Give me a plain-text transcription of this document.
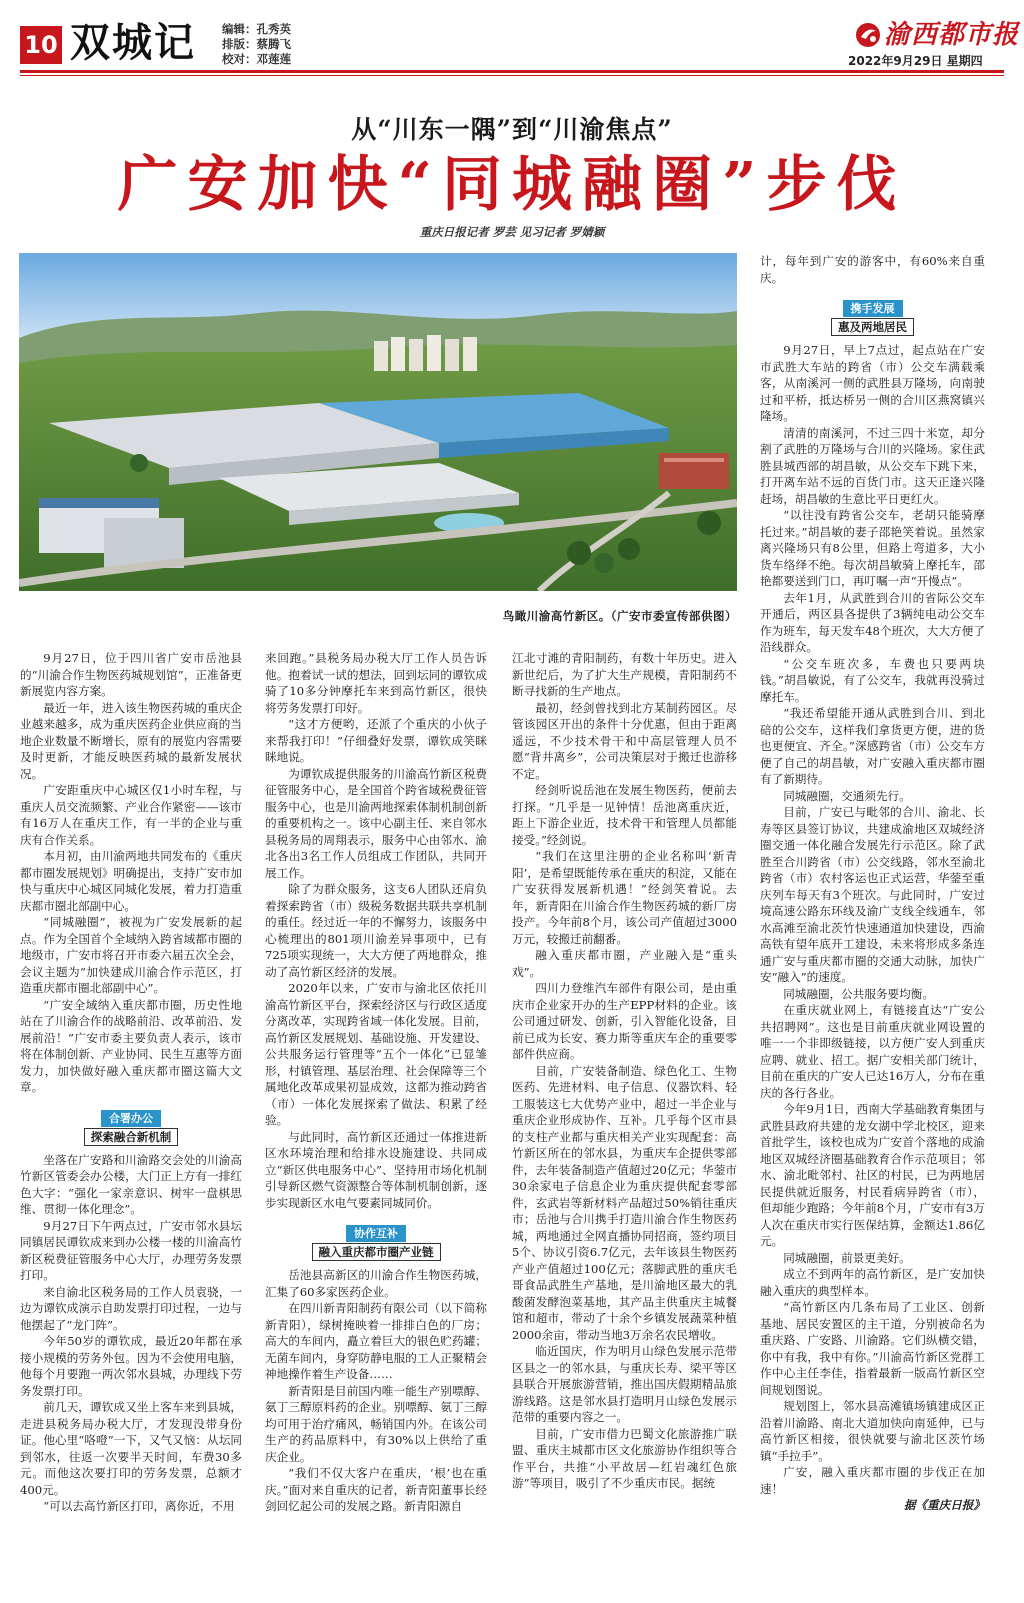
10 双城记 编辑：孔秀英
排版：蔡腾飞
校对：邓莲莲
渝西都市报
2022年9月29日 星期四
从“川东一隅”到“川渝焦点”
广安加快“同城融圈”步伐
重庆日报记者 罗芸 见习记者 罗婧颖
鸟瞰川渝高竹新区。（广安市委宣传部供图）

9月27日，位于四川省广安市岳池县的“川渝合作生物医药城规划馆”，正准备更新展览内容方案。

最近一年，进入该生物医药城的重庆企业越来越多，成为重庆医药企业供应商的当地企业数量不断增长，原有的展览内容需要及时更新，才能反映医药城的最新发展状况。

广安距重庆中心城区仅1小时车程，与重庆人员交流频繁、产业合作紧密——该市有16万人在重庆工作，有一半的企业与重庆有合作关系。

本月初，由川渝两地共同发布的《重庆都市圈发展规划》明确提出，支持广安市加快与重庆中心城区同城化发展，着力打造重庆都市圈北部副中心。

“同城融圈”，被视为广安发展新的起点。作为全国首个全域纳入跨省域都市圈的地级市，广安市将召开市委六届五次全会，会议主题为“加快建成川渝合作示范区，打造重庆都市圈北部副中心”。

“广安全域纳入重庆都市圈，历史性地站在了川渝合作的战略前沿、改革前沿、发展前沿！”广安市委主要负责人表示，该市将在体制创新、产业协同、民生互惠等方面发力，加快做好融入重庆都市圈这篇大文章。

合署办公
探索融合新机制

坐落在广安路和川渝路交会处的川渝高竹新区管委会办公楼，大门正上方有一排红色大字：“强化一家亲意识、树牢一盘棋思维、贯彻一体化理念”。

9月27日下午两点过，广安市邻水县坛同镇居民谭钦成来到办公楼一楼的川渝高竹新区税费征管服务中心大厅，办理劳务发票打印。

来自渝北区税务局的工作人员袁骁，一边为谭钦成演示自助发票打印过程，一边与他摆起了“龙门阵”。

今年50岁的谭钦成，最近20年都在承接小规模的劳务外包。因为不会使用电脑，他每个月要跑一两次邻水县城，办理线下劳务发票打印。

前几天，谭钦成又坐上客车来到县城，走进县税务局办税大厅，才发现没带身份证。他心里“咯噔”一下，又气又恼：从坛同到邻水，往返一次要半天时间，车费30多元。而他这次要打印的劳务发票，总额才400元。

“可以去高竹新区打印，离你近，不用

来回跑。”县税务局办税大厅工作人员告诉他。抱着试一试的想法，回到坛同的谭钦成骑了10多分钟摩托车来到高竹新区，很快将劳务发票打印好。

“这才方便哟，还派了个重庆的小伙子来帮我打印！”仔细叠好发票，谭钦成笑眯眯地说。

为谭钦成提供服务的川渝高竹新区税费征管服务中心，是全国首个跨省域税费征管服务中心，也是川渝两地探索体制机制创新的重要机构之一。该中心副主任、来自邻水县税务局的周翔表示，服务中心由邻水、渝北各出3名工作人员组成工作团队，共同开展工作。

除了为群众服务，这支6人团队还肩负着探索跨省（市）级税务数据共联共享机制的重任。经过近一年的不懈努力，该服务中心梳理出的801项川渝差异事项中，已有725项实现统一，大大方便了两地群众，推动了高竹新区经济的发展。

2020年以来，广安市与渝北区依托川渝高竹新区平台，探索经济区与行政区适度分离改革，实现跨省域一体化发展。目前，高竹新区发展规划、基础设施、开发建设、公共服务运行管理等“五个一体化”已显雏形，村镇管理、基层治理、社会保障等三个属地化改革成果初显成效，这都为推动跨省（市）一体化发展探索了做法、积累了经验。

与此同时，高竹新区还通过一体推进新区水环境治理和给排水设施建设、共同成立“新区供电服务中心”、坚持用市场化机制引导新区燃气资源整合等体制机制创新，逐步实现新区水电气要素同城同价。

协作互补
融入重庆都市圈产业链

岳池县高新区的川渝合作生物医药城，汇集了60多家医药企业。

在四川新青阳制药有限公司（以下简称新青阳），绿树掩映着一排排白色的厂房；高大的车间内，矗立着巨大的银色贮药罐；无菌车间内，身穿防静电服的工人正聚精会神地操作着生产设备……

新青阳是目前国内唯一能生产别嘌醇、氨丁三醇原料药的企业。别嘌醇、氨丁三醇均可用于治疗痛风，畅销国内外。在该公司生产的药品原料中，有30%以上供给了重庆企业。

“我们不仅大客户在重庆，‘根’也在重庆。”面对来自重庆的记者，新青阳董事长经剑回忆起公司的发展之路。新青阳源自

江北寸滩的青阳制药，有数十年历史。进入新世纪后，为了扩大生产规模，青阳制药不断寻找新的生产地点。

最初，经剑曾找到北方某制药园区。尽管该园区开出的条件十分优惠，但由于距离遥远，不少技术骨干和中高层管理人员不愿“背井离乡”，公司决策层对于搬迁也游移不定。

经剑听说岳池在发展生物医药，便前去打探。“几乎是一见钟情！岳池离重庆近，距上下游企业近，技术骨干和管理人员都能接受。”经剑说。

“我们在这里注册的企业名称叫‘新青阳’，是希望既能传承在重庆的积淀，又能在广安获得发展新机遇！”经剑笑着说。去年，新青阳在川渝合作生物医药城的新厂房投产。今年前8个月，该公司产值超过3000万元，较搬迁前翻番。

融入重庆都市圈，产业融入是“重头戏”。

四川力登维汽车部件有限公司，是由重庆市企业家开办的生产EPP材料的企业。该公司通过研发、创新，引入智能化设备，目前已成为长安、赛力斯等重庆车企的重要零部件供应商。

目前，广安装备制造、绿色化工、生物医药、先进材料、电子信息、仪器饮料、轻工服装这七大优势产业中，超过一半企业与重庆企业形成协作、互补。几乎每个区市县的支柱产业都与重庆相关产业实现配套：高竹新区所在的邻水县，为重庆车企提供零部件，去年装备制造产值超过20亿元；华蓥市30余家电子信息企业为重庆提供配套零部件，玄武岩等新材料产品超过50%销往重庆市；岳池与合川携手打造川渝合作生物医药城，两地通过全网直播协同招商，签约项目5个、协议引资6.7亿元，去年该县生物医药产业产值超过100亿元；落脚武胜的重庆毛哥食品武胜生产基地，是川渝地区最大的乳酸菌发酵泡菜基地，其产品主供重庆主城餐馆和超市，带动了十余个乡镇发展蔬菜种植2000余亩，带动当地3万余名农民增收。

临近国庆，作为明月山绿色发展示范带区县之一的邻水县，与重庆长寿、梁平等区县联合开展旅游营销，推出国庆假期精品旅游线路。这是邻水县打造明月山绿色发展示范带的重要内容之一。

目前，广安市借力巴蜀文化旅游推广联盟、重庆主城都市区文化旅游协作组织等合作平台，共推“小平故居—红岩魂红色旅游”等项目，吸引了不少重庆市民。据统

计，每年到广安的游客中，有60%来自重庆。

携手发展
惠及两地居民

9月27日，早上7点过，起点站在广安市武胜大车站的跨省（市）公交车满载乘客，从南溪河一侧的武胜县万隆场，向南驶过和平桥，抵达桥另一侧的合川区燕窝镇兴隆场。

清清的南溪河，不过三四十米宽，却分割了武胜的万隆场与合川的兴隆场。家住武胜县城西部的胡昌敏，从公交车下跳下来，打开离车站不远的百货门市。这天正逢兴隆赶场，胡昌敏的生意比平日更红火。

“以往没有跨省公交车，老胡只能骑摩托过来。”胡昌敏的妻子邵艳笑着说。虽然家离兴隆场只有8公里，但路上弯道多，大小货车络绎不绝。每次胡昌敏骑上摩托车，邵艳都要送到门口，再叮嘱一声“开慢点”。

去年1月，从武胜到合川的省际公交车开通后，两区县各提供了3辆纯电动公交车作为班车，每天发车48个班次，大大方便了沿线群众。

“公交车班次多，车费也只要两块钱。”胡昌敏说，有了公交车，我就再没骑过摩托车。

“我还希望能开通从武胜到合川、到北碚的公交车，这样我们拿货更方便，进的货也更便宜、齐全。”深感跨省（市）公交车方便了自己的胡昌敏，对广安融入重庆都市圈有了新期待。

同城融圈，交通须先行。

目前，广安已与毗邻的合川、渝北、长寿等区县签订协议，共建成渝地区双城经济圈交通一体化融合发展先行示范区。除了武胜至合川跨省（市）公交线路，邻水至渝北跨省（市）农村客运也正式运营，华蓥至重庆列车每天有3个班次。与此同时，广安过境高速公路东环线及渝广支线全线通车，邻水高滩至渝北茨竹快速通道加快建设，西渝高铁有望年底开工建设，未来将形成多条连通广安与重庆都市圈的交通大动脉，加快广安“融入”的速度。

同城融圈，公共服务要均衡。

在重庆就业网上，有链接直达“广安公共招聘网”。这也是目前重庆就业网设置的唯一一个非即级链接，以方便广安人到重庆应聘、就业、招工。据广安相关部门统计，目前在重庆的广安人已达16万人，分布在重庆的各行各业。

今年9月1日，西南大学基础教育集团与武胜县政府共建的龙女湖中学北校区，迎来首批学生，该校也成为广安首个落地的成渝地区双城经济圈基础教育合作示范项目；邻水、渝北毗邻村、社区的村民，已为两地居民提供就近服务，村民看病异跨省（市），但却能少跑路；今年前8个月，广安市有3万人次在重庆市实行医保结算，金额达1.86亿元。

同城融圈，前景更美好。

成立不到两年的高竹新区，是广安加快融入重庆的典型样本。

“高竹新区内几条布局了工业区、创新基地、居民安置区的主干道，分别被命名为重庆路、广安路、川渝路。它们纵横交错，你中有我，我中有你。”川渝高竹新区党群工作中心主任李佳，指着最新一版高竹新区空间规划图说。

规划图上，邻水县高滩镇场镇建成区正沿着川渝路、南北大道加快向南延伸，已与高竹新区相接，很快就要与渝北区茨竹场镇“手拉手”。

广安，融入重庆都市圈的步伐正在加速！

据《重庆日报》
